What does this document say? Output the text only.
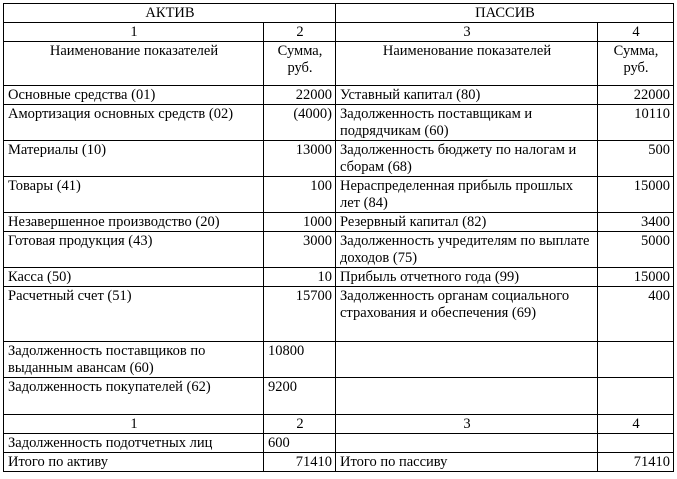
АКТИВ		ПАССИВ	
1	2	3	4
Наименование показателей	Сумма, руб.	Наименование показателей	Сумма, руб.
Основные средства (01)	22000	Уставный капитал (80)	22000
Амортизация основных средств (02)	(4000)	Задолженность поставщикам и подрядчикам (60)	10110
Материалы (10)	13000	Задолженность бюджету по налогам и сборам (68)	500
Товары (41)	100	Нераспределенная прибыль прошлых лет (84)	15000
Незавершенное производство (20)	1000	Резервный капитал (82)	3400
Готовая продукция (43)	3000	Задолженность учредителям по выплате доходов (75)	5000
Касса (50)	10	Прибыль отчетного года (99)	15000
Расчетный счет (51)	15700	Задолженность органам социального страхования и обеспечения (69)	400
Задолженность поставщиков по выданным авансам (60)	10800		
Задолженность покупателей (62)	9200		
1	2	3	4
Задолженность подотчетных лиц	600		
Итого по активу	71410	Итого по пассиву	71410
